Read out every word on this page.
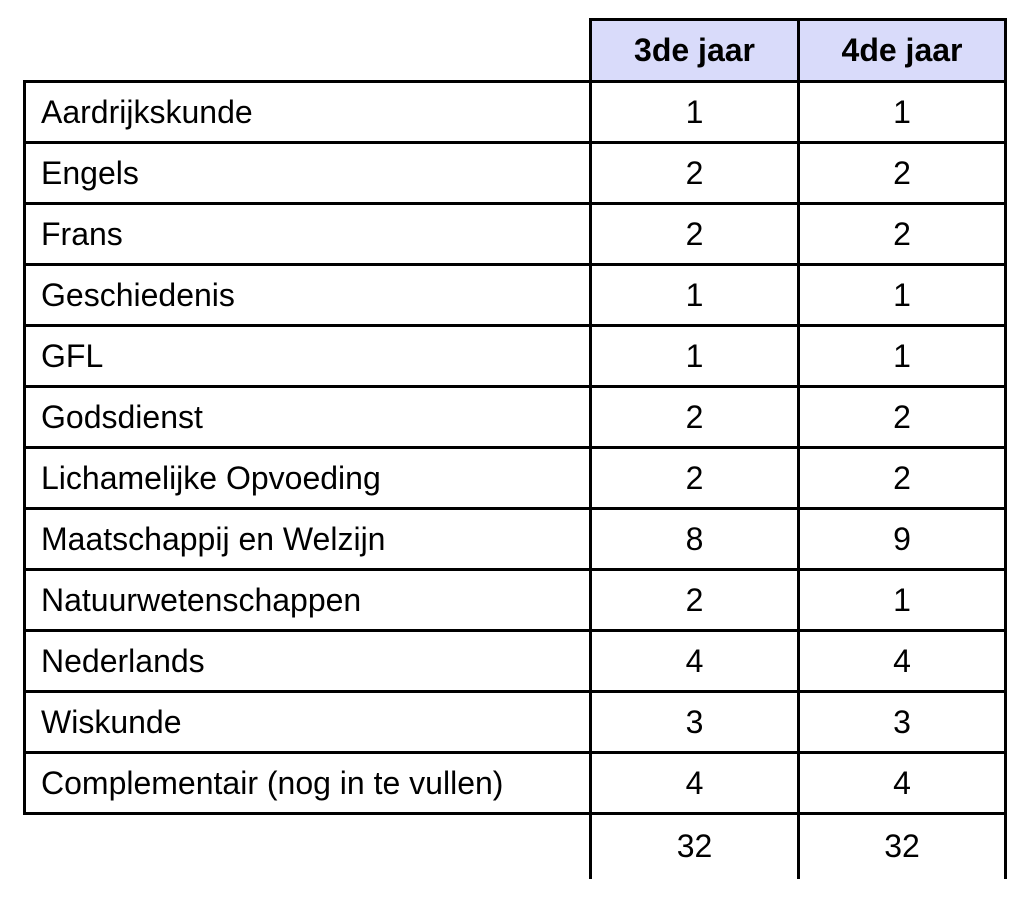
	3de jaar	4de jaar
Aardrijkskunde	1	1
Engels	2	2
Frans	2	2
Geschiedenis	1	1
GFL	1	1
Godsdienst	2	2
Lichamelijke Opvoeding	2	2
Maatschappij en Welzijn	8	9
Natuurwetenschappen	2	1
Nederlands	4	4
Wiskunde	3	3
Complementair (nog in te vullen)	4	4
	32	32
